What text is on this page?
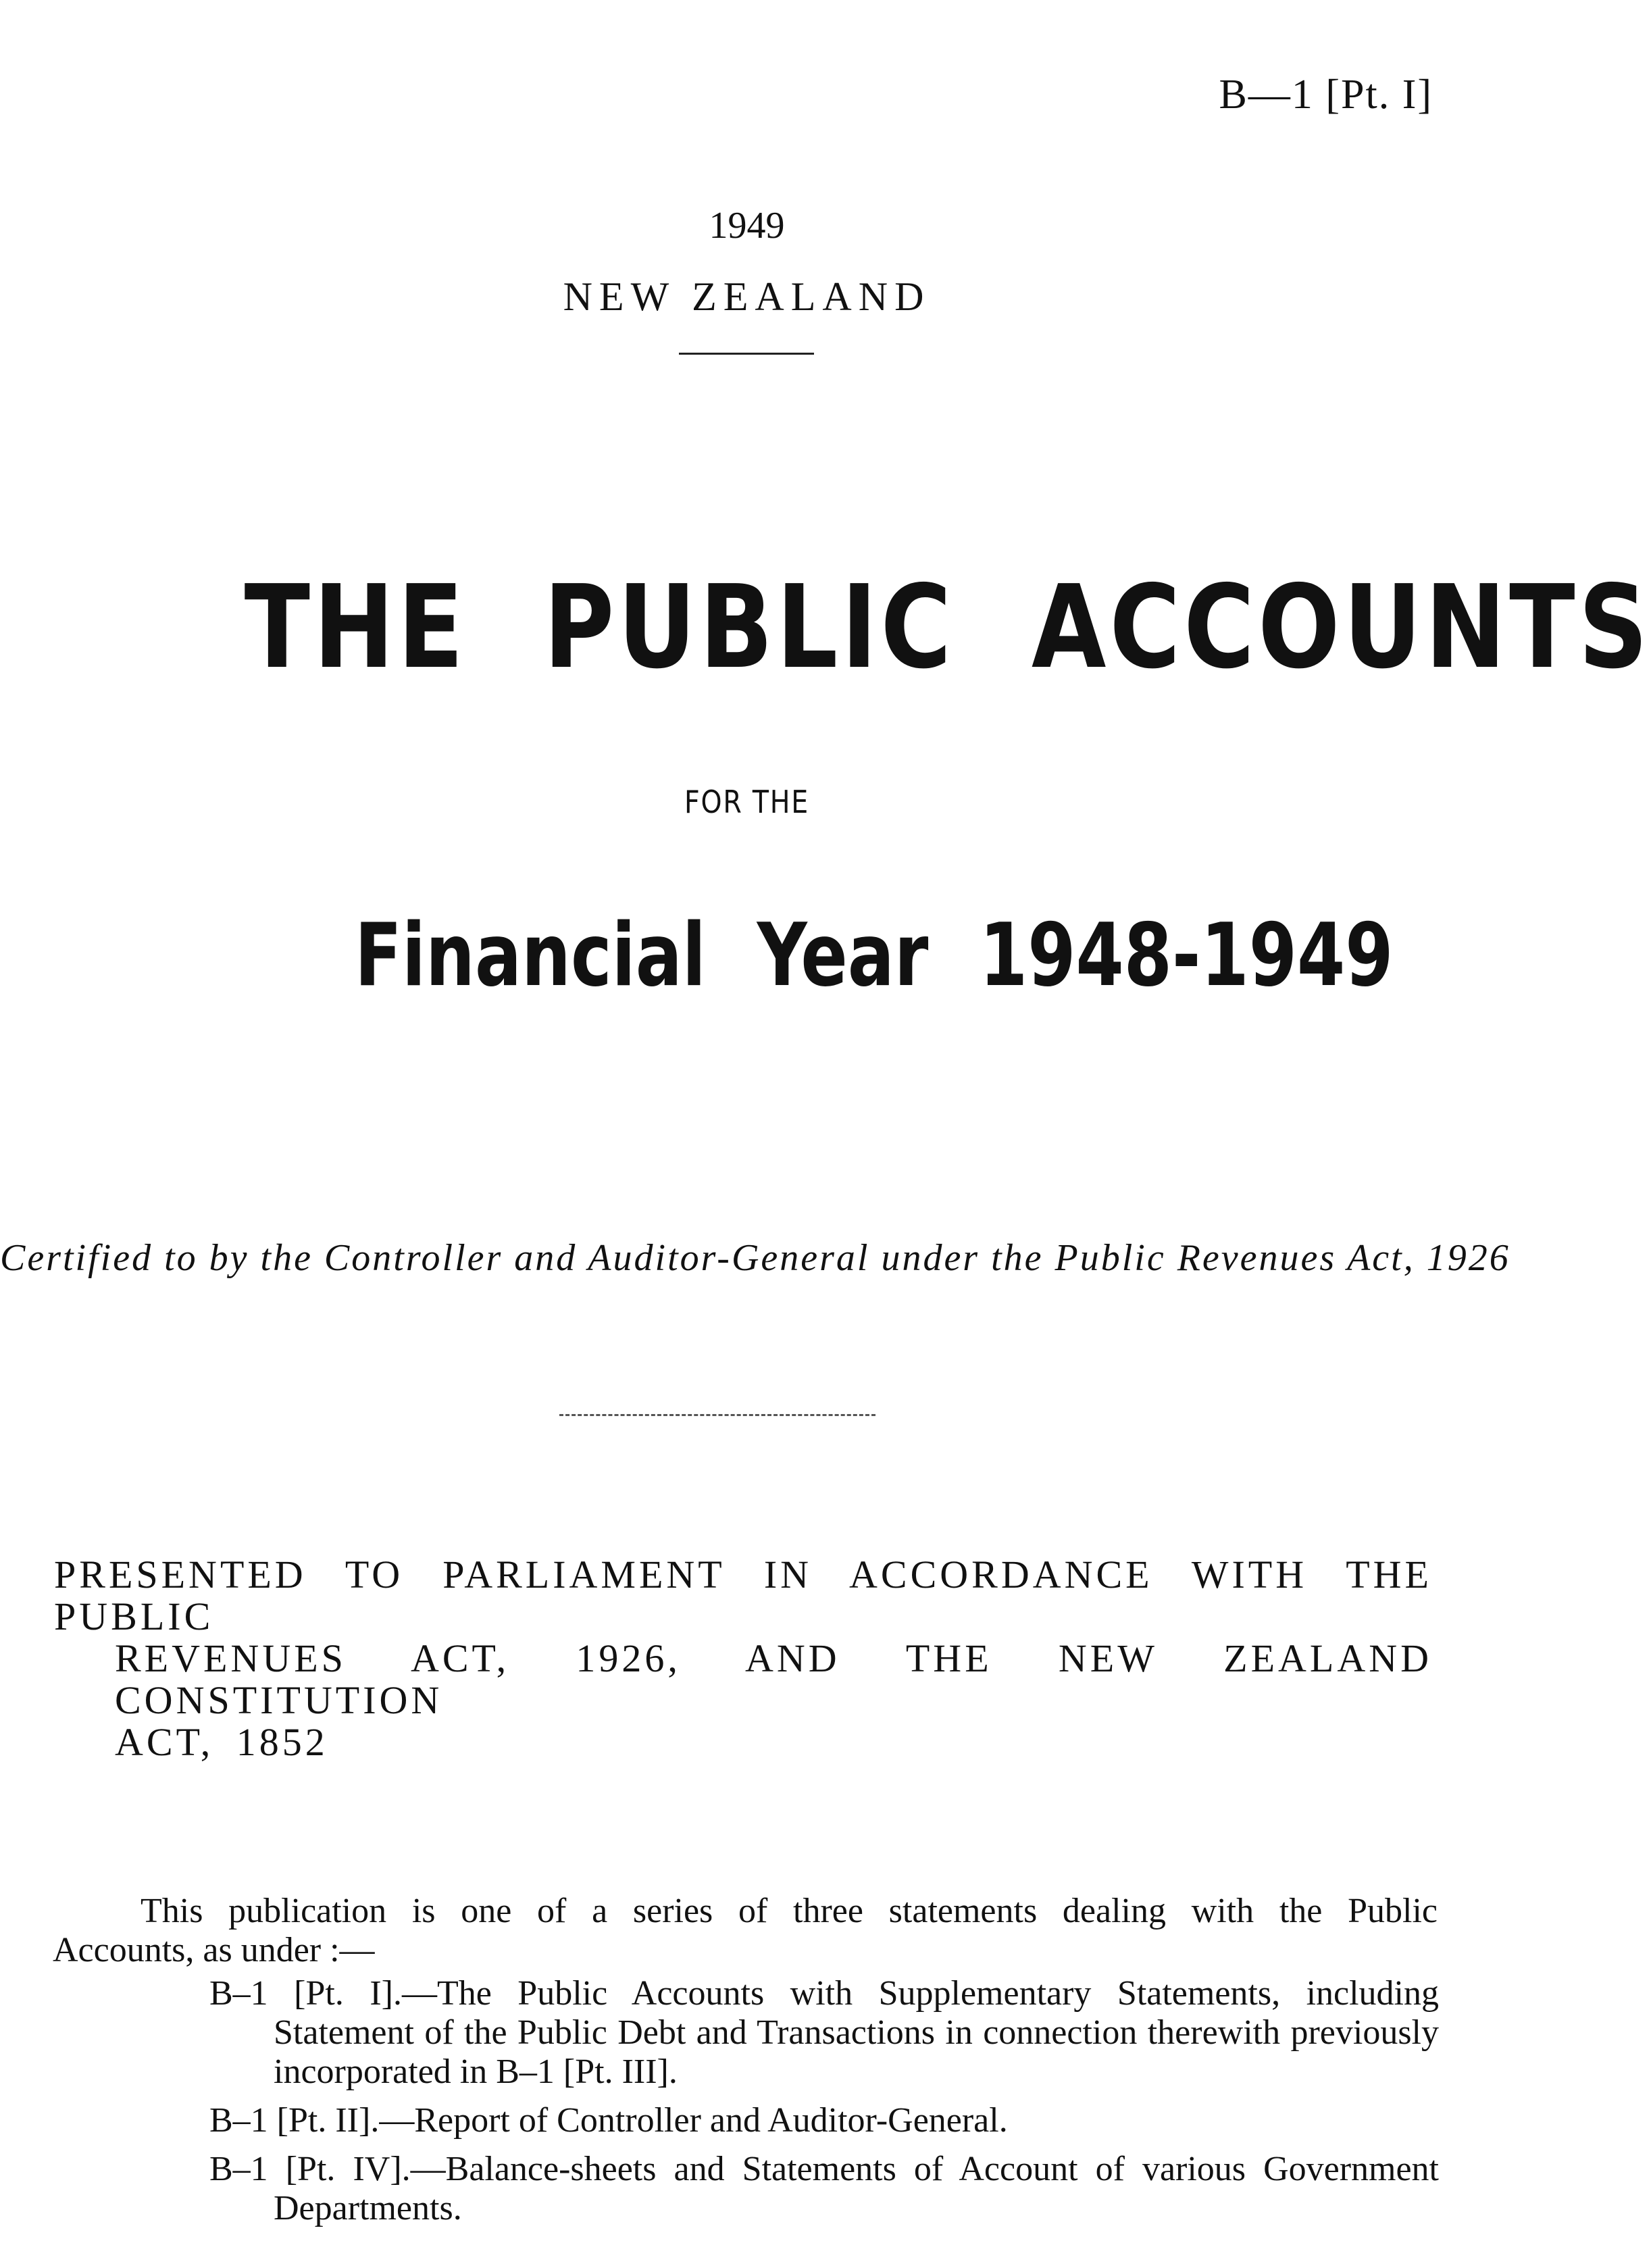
B—1 [Pt. I]
1949
NEW ZEALAND
THE PUBLIC ACCOUNTS
FOR THE
Financial Year 1948-1949
Certified to by the Controller and Auditor-General under the Public Revenues Act, 1926
PRESENTED TO PARLIAMENT IN ACCORDANCE WITH THE PUBLIC
REVENUES ACT, 1926, AND THE NEW ZEALAND CONSTITUTION
ACT, 1852
This publication is one of a series of three statements dealing with the Public
Accounts, as under :—
B–1 [Pt. I].—The Public Accounts with Supplementary Statements, including Statement of the Public Debt and Transactions in connection therewith previously incorporated in B–1 [Pt. III].
B–1 [Pt. II].—Report of Controller and Auditor-General.
B–1 [Pt. IV].—Balance-sheets and Statements of Account of various Government Departments.
